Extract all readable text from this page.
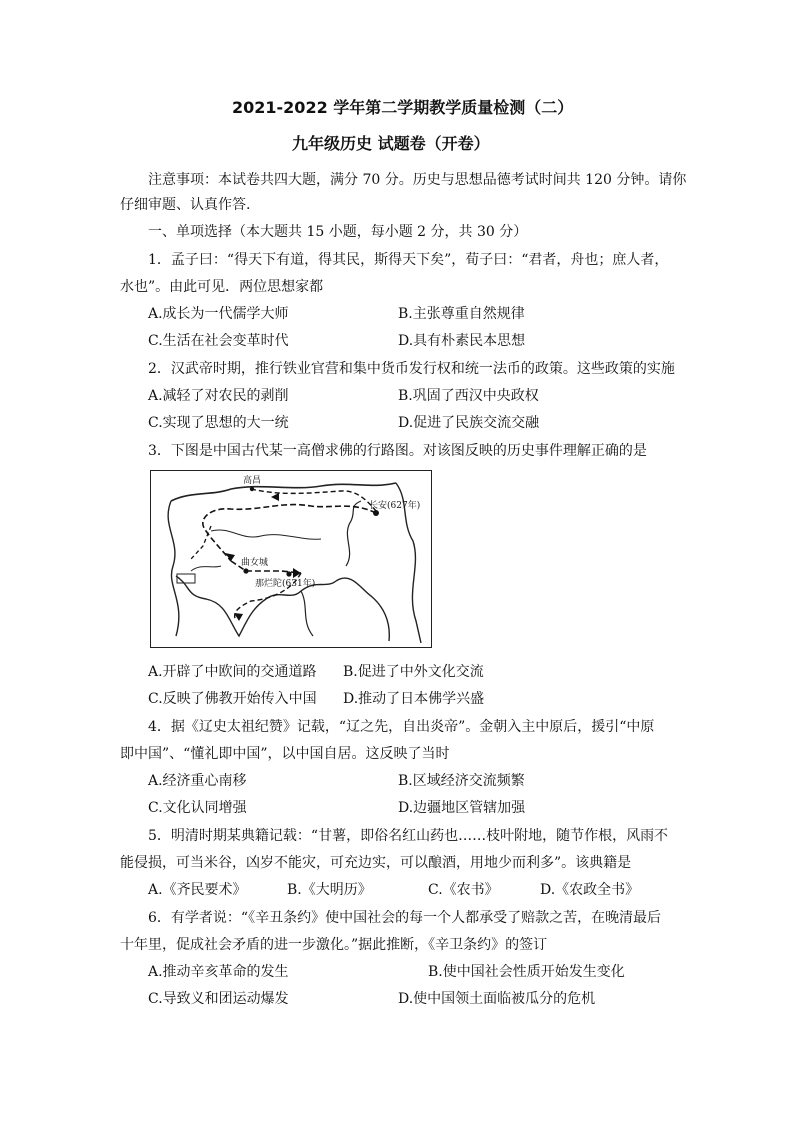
2021-2022 学年第二学期教学质量检测（二）
九年级历史 试题卷（开卷）
注意事项：本试卷共四大题，满分 70 分。历史与思想品德考试时间共 120 分钟。请你
仔细审题、认真作答.
一、单项选择（本大题共 15 小题，每小题 2 分，共 30 分）
1．孟子曰：“得天下有道，得其民，斯得天下矣”，荀子曰：“君者，舟也；庶人者，
水也”。由此可见．两位思想家都
A.成长为一代儒学大师	B.主张尊重自然规律
C.生活在社会变革时代	D.具有朴素民本思想
2．汉武帝时期，推行铁业官营和集中货币发行权和统一法币的政策。这些政策的实施
A.减轻了对农民的剥削	B.巩固了西汉中央政权
C.实现了思想的大一统	D.促进了民族交流交融
3．下图是中国古代某一高僧求佛的行路图。对该图反映的历史事件理解正确的是
高昌
长安(627年)
曲女城
那烂陀(631年)
A.开辟了中欧间的交通道路 B.促进了中外文化交流
C.反映了佛教开始传入中国 D.推动了日本佛学兴盛
4．据《辽史太祖纪赞》记载，“辽之先，自出炎帝”。金朝入主中原后，援引“中原
即中国”、“懂礼即中国”，以中国自居。这反映了当时
A.经济重心南移	B.区域经济交流频繁
C.文化认同增强	D.边疆地区管辖加强
5．明清时期某典籍记载：“甘薯，即俗名红山药也……枝叶附地，随节作根，风雨不
能侵损，可当米谷，凶岁不能灾，可充边实，可以酿酒，用地少而利多”。该典籍是
A.《齐民要术》	B.《大明历》	C.《农书》	D.《农政全书》
6．有学者说：“《辛丑条约》使中国社会的每一个人都承受了赔款之苦，在晚清最后
十年里，促成社会矛盾的进一步激化。”据此推断，《辛卫条约》的签订
A.推动辛亥革命的发生	B.使中国社会性质开始发生变化
C.导致义和团运动爆发	D.使中国领土面临被瓜分的危机
